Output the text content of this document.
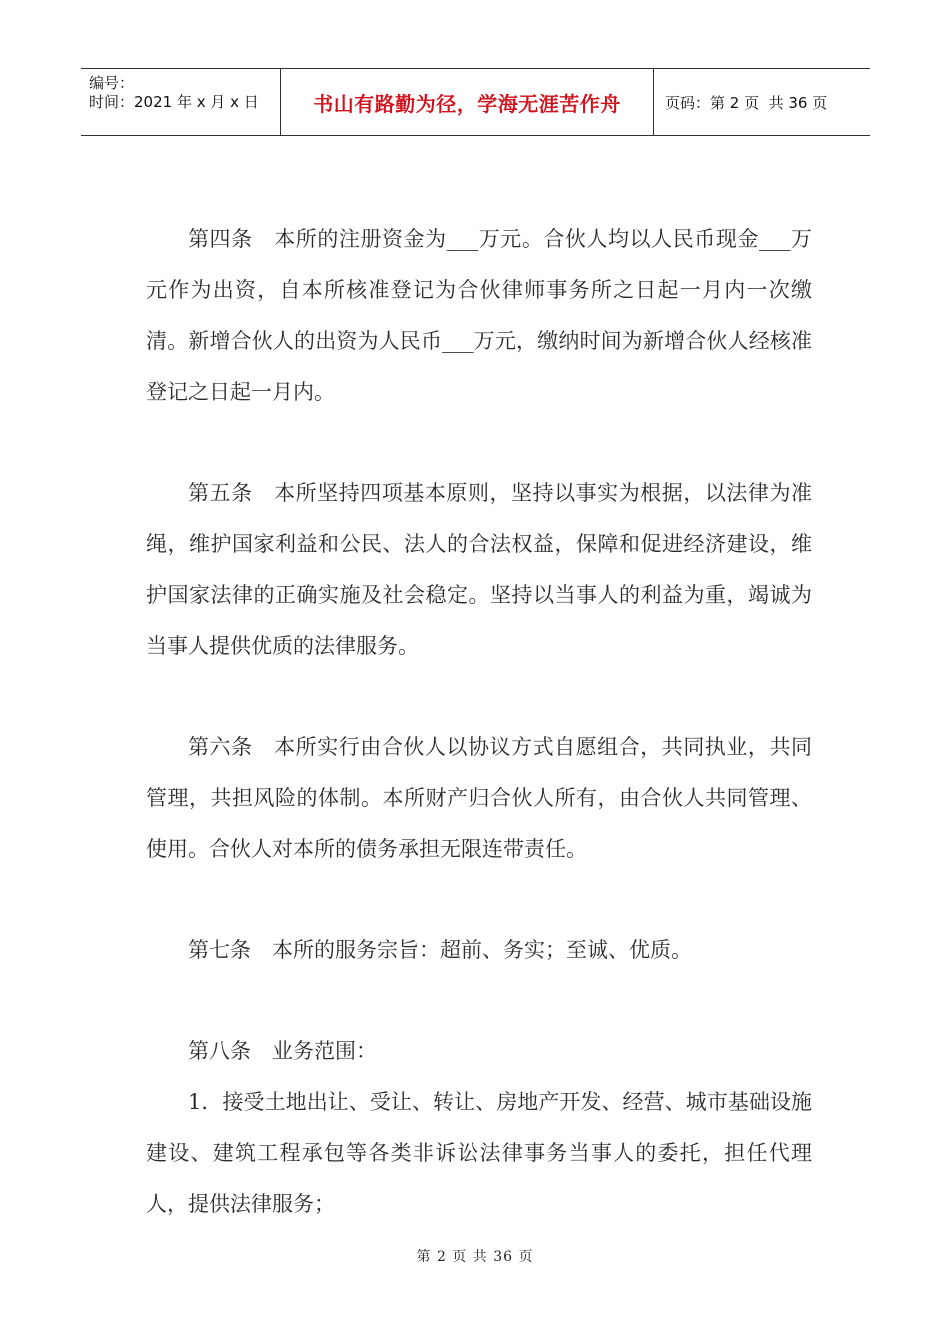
编号：
时间：2021 年 x 月 x 日	书山有路勤为径，学海无涯苦作舟	页码：第 2 页  共 36 页

第四条　本所的注册资金为___万元。合伙人均以人民币现金___万元作为出资，自本所核准登记为合伙律师事务所之日起一月内一次缴清。新增合伙人的出资为人民币___万元，缴纳时间为新增合伙人经核准登记之日起一月内。

第五条　本所坚持四项基本原则，坚持以事实为根据，以法律为准绳，维护国家利益和公民、法人的合法权益，保障和促进经济建设，维护国家法律的正确实施及社会稳定。坚持以当事人的利益为重，竭诚为当事人提供优质的法律服务。

第六条　本所实行由合伙人以协议方式自愿组合，共同执业，共同管理，共担风险的体制。本所财产归合伙人所有，由合伙人共同管理、使用。合伙人对本所的债务承担无限连带责任。

第七条　本所的服务宗旨：超前、务实；至诚、优质。

第八条　业务范围：

1．接受土地出让、受让、转让、房地产开发、经营、城市基础设施建设、建筑工程承包等各类非诉讼法律事务当事人的委托，担任代理人，提供法律服务；

第 2 页 共 36 页
